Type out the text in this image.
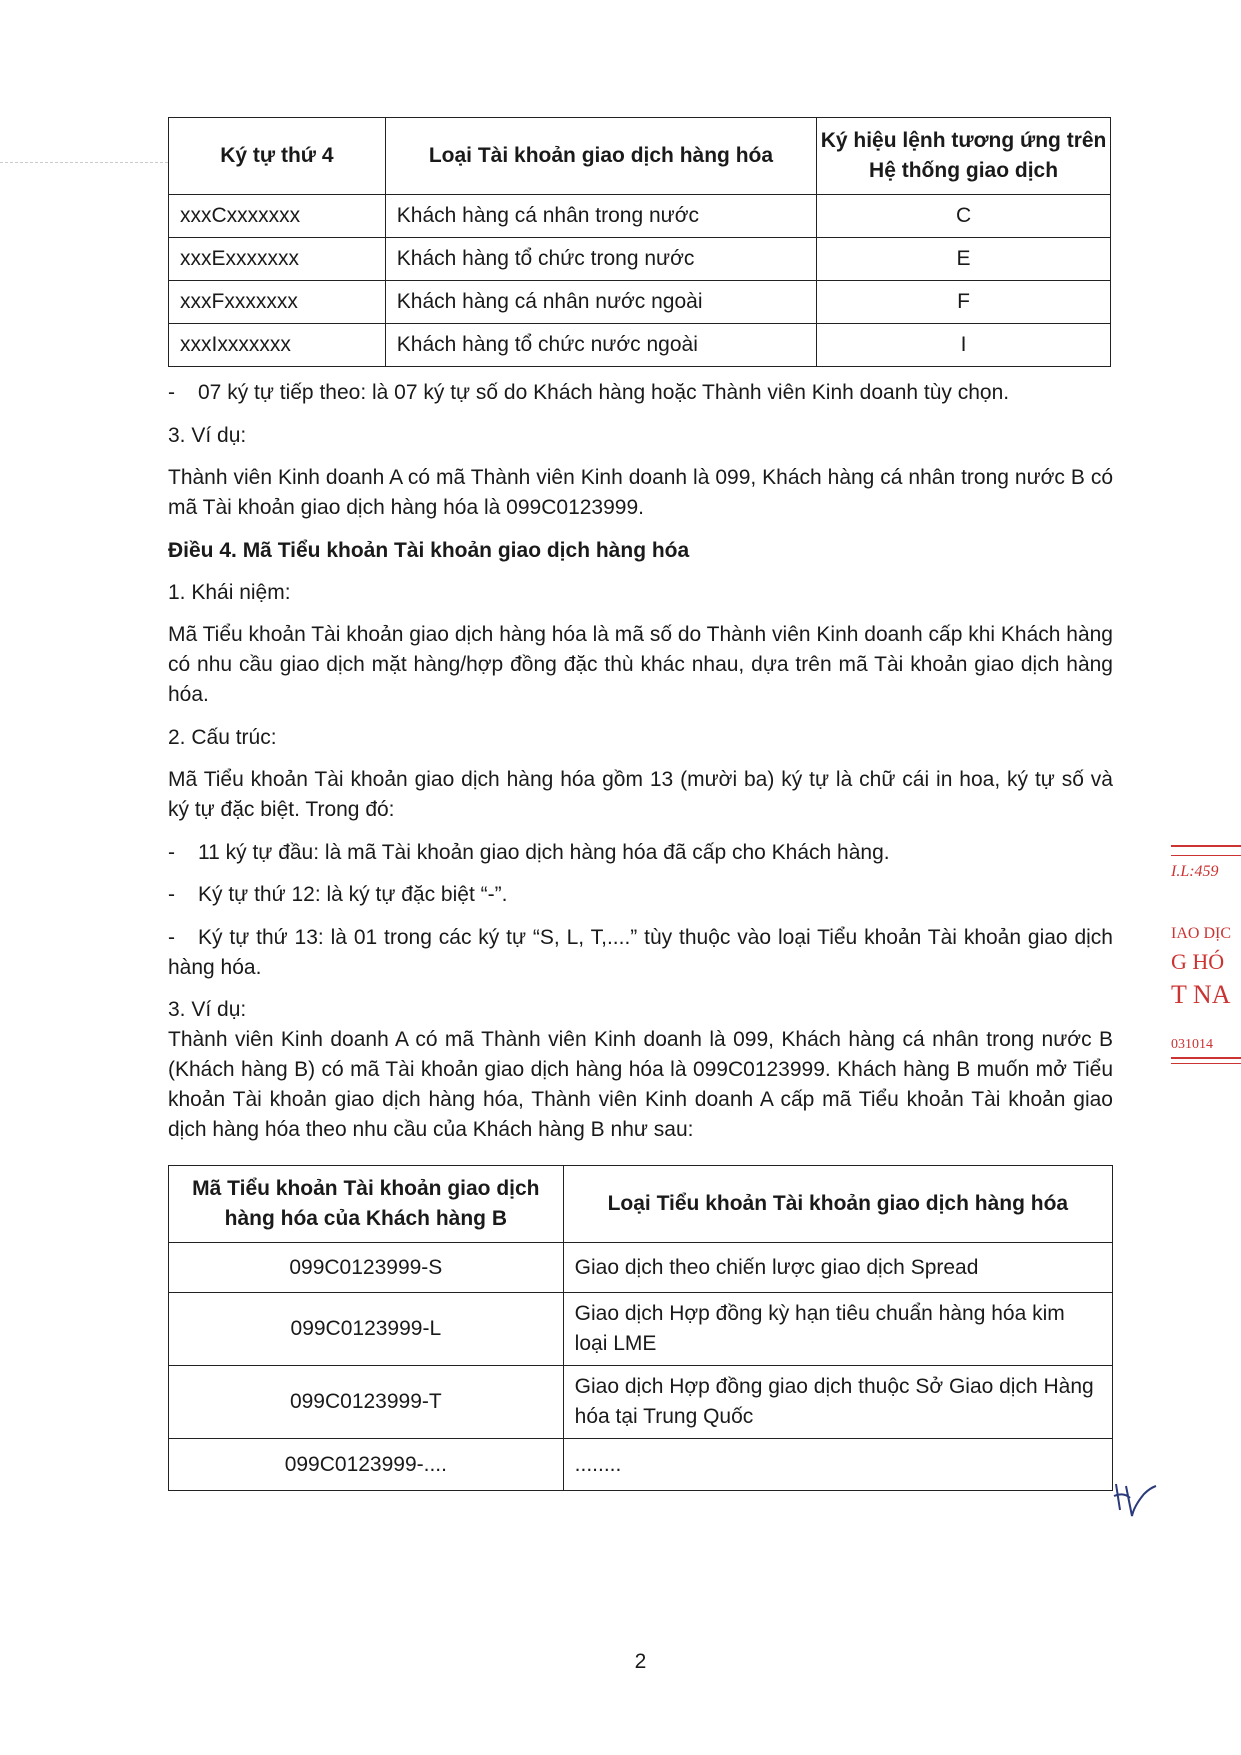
Ký tự thứ 4	Loại Tài khoản giao dịch hàng hóa	Ký hiệu lệnh tương ứng trên Hệ thống giao dịch
xxxCxxxxxxx	Khách hàng cá nhân trong nước	C
xxxExxxxxxx	Khách hàng tổ chức trong nước	E
xxxFxxxxxxx	Khách hàng cá nhân nước ngoài	F
xxxIxxxxxxx	Khách hàng tổ chức nước ngoài	I

- 07 ký tự tiếp theo: là 07 ký tự số do Khách hàng hoặc Thành viên Kinh doanh tùy chọn.

3. Ví dụ:

Thành viên Kinh doanh A có mã Thành viên Kinh doanh là 099, Khách hàng cá nhân trong nước B có mã Tài khoản giao dịch hàng hóa là 099C0123999.

Điều 4. Mã Tiểu khoản Tài khoản giao dịch hàng hóa

1. Khái niệm:

Mã Tiểu khoản Tài khoản giao dịch hàng hóa là mã số do Thành viên Kinh doanh cấp khi Khách hàng có nhu cầu giao dịch mặt hàng/hợp đồng đặc thù khác nhau, dựa trên mã Tài khoản giao dịch hàng hóa.

2. Cấu trúc:

Mã Tiểu khoản Tài khoản giao dịch hàng hóa gồm 13 (mười ba) ký tự là chữ cái in hoa, ký tự số và ký tự đặc biệt. Trong đó:

- 11 ký tự đầu: là mã Tài khoản giao dịch hàng hóa đã cấp cho Khách hàng.

- Ký tự thứ 12: là ký tự đặc biệt “-”.

- Ký tự thứ 13: là 01 trong các ký tự “S, L, T,....” tùy thuộc vào loại Tiểu khoản Tài khoản giao dịch hàng hóa.

3. Ví dụ:

Thành viên Kinh doanh A có mã Thành viên Kinh doanh là 099, Khách hàng cá nhân trong nước B (Khách hàng B) có mã Tài khoản giao dịch hàng hóa là 099C0123999. Khách hàng B muốn mở Tiểu khoản Tài khoản giao dịch hàng hóa, Thành viên Kinh doanh A cấp mã Tiểu khoản Tài khoản giao dịch hàng hóa theo nhu cầu của Khách hàng B như sau:

Mã Tiểu khoản Tài khoản giao dịch hàng hóa của Khách hàng B	Loại Tiểu khoản Tài khoản giao dịch hàng hóa
099C0123999-S	Giao dịch theo chiến lược giao dịch Spread
099C0123999-L	Giao dịch Hợp đồng kỳ hạn tiêu chuẩn hàng hóa kim loại LME
099C0123999-T	Giao dịch Hợp đồng giao dịch thuộc Sở Giao dịch Hàng hóa tại Trung Quốc
099C0123999-....	........
2
I.L:459
IAO DỊC
G HÓ
T NA
031014
